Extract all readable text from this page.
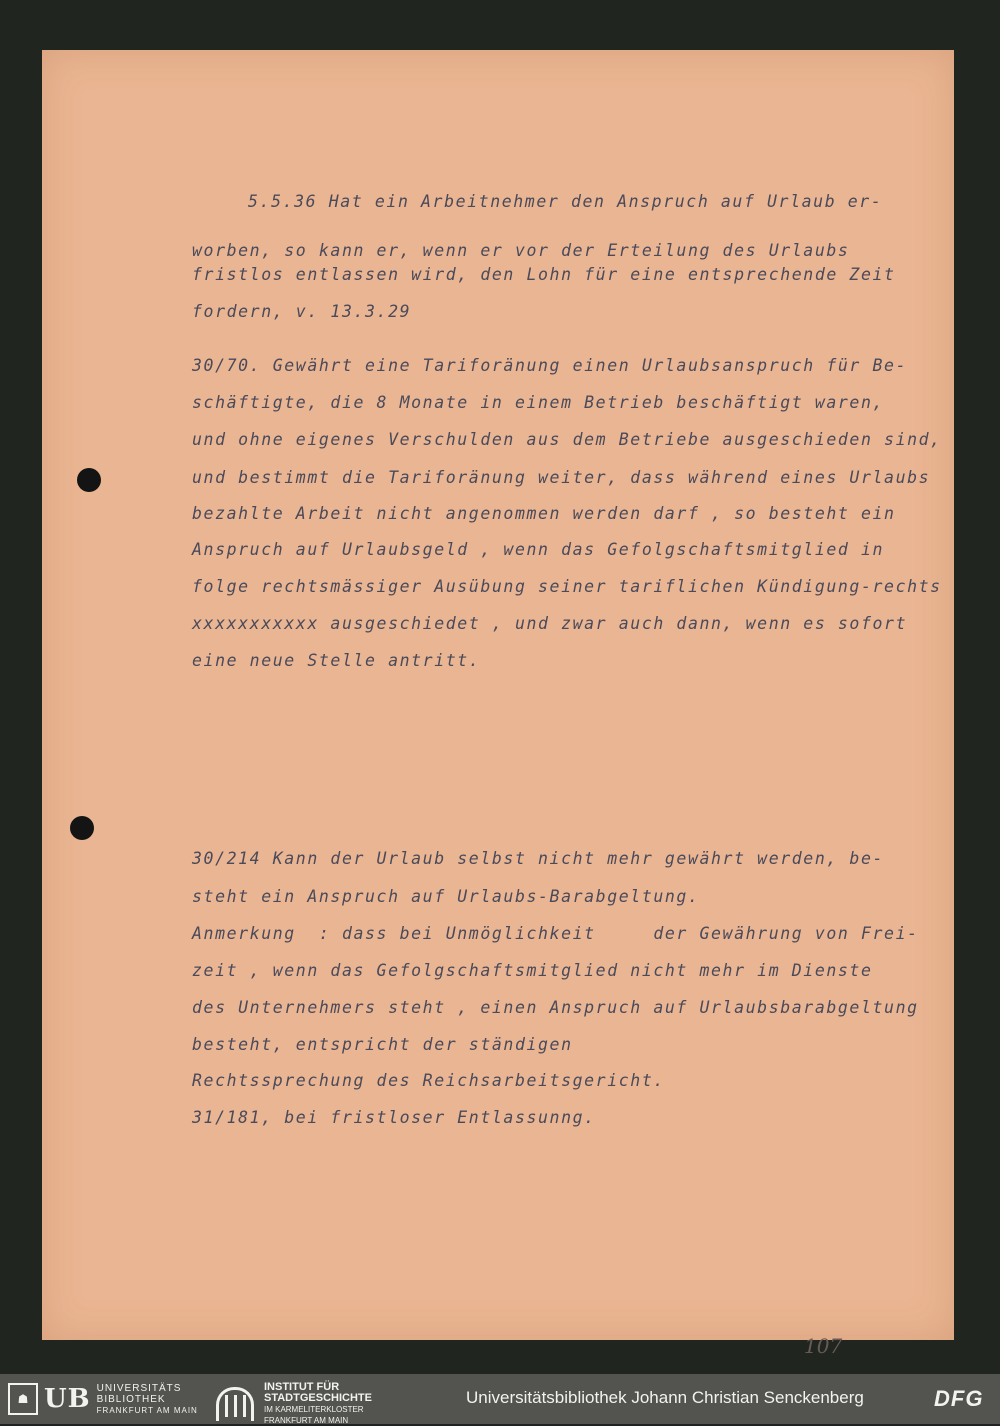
5.5.36 Hat ein Arbeitnehmer den Anspruch auf Urlaub er-
worben, so kann er, wenn er vor der Erteilung des Urlaubs
fristlos entlassen wird, den Lohn für eine entsprechende Zeit
fordern, v. 13.3.29
30/70. Gewährt eine Tariforänung einen Urlaubsanspruch für Be-
schäftigte, die 8 Monate in einem Betrieb beschäftigt waren,
und ohne eigenes Verschulden aus dem Betriebe ausgeschieden sind,
und bestimmt die Tariforänung weiter, dass während eines Urlaubs
bezahlte Arbeit nicht angenommen werden darf , so besteht ein
Anspruch auf Urlaubsgeld , wenn das Gefolgschaftsmitglied in
folge rechtsmässiger Ausübung seiner tariflichen Kündigung-rechts
xxxxxxxxxxx ausgeschiedet , und zwar auch dann, wenn es sofort
eine neue Stelle antritt.
30/214 Kann der Urlaub selbst nicht mehr gewährt werden, be-
steht ein Anspruch auf Urlaubs-Barabgeltung.
Anmerkung  : dass bei Unmöglichkeit     der Gewährung von Frei-
zeit , wenn das Gefolgschaftsmitglied nicht mehr im Dienste
des Unternehmers steht , einen Anspruch auf Urlaubsbarabgeltung
besteht, entspricht der ständigen
Rechtssprechung des Reichsarbeitsgericht.
31/181, bei fristloser Entlassunng.
107
☗ UB UNIVERSITÄTS
BIBLIOTHEK
FRANKFURT AM MAIN
INSTITUT FÜR
STADTGESCHICHTE
IM KARMELITERKLOSTER
FRANKFURT AM MAIN
Universitätsbibliothek Johann Christian Senckenberg	DFG
